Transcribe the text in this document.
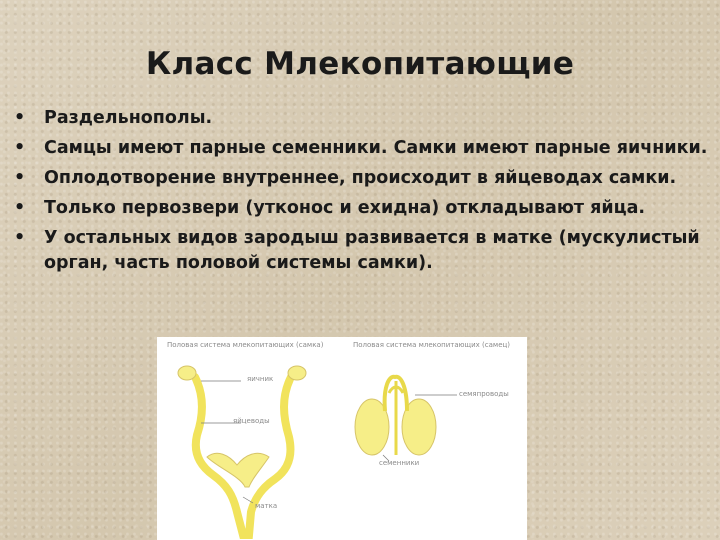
Класс Млекопитающие
•	Раздельнополы.
•	Самцы имеют парные семенники. Самки имеют парные яичники.
•	Оплодотворение внутреннее, происходит в яйцеводах самки.
•	Только первозвери (утконос и ехидна) откладывают яйца.
•	У остальных видов зародыш развивается в матке (мускулистый орган, часть половой системы самки).
Половая система млекопитающих (самка)	Половая система млекопитающих (самец)
яичник
яйцеводы
матка
семяпроводы
семенники
